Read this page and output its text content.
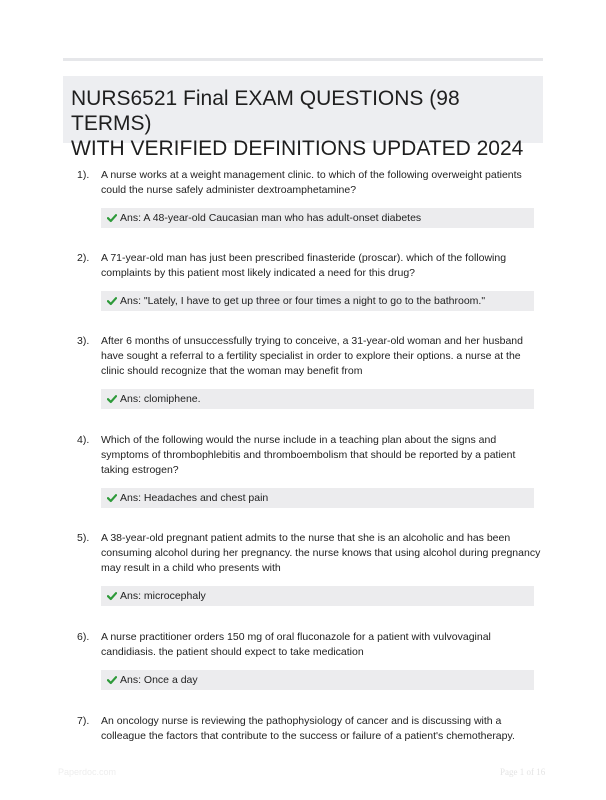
NURS6521 Final EXAM QUESTIONS (98 TERMS)
WITH VERIFIED DEFINITIONS UPDATED 2024
1). A nurse works at a weight management clinic. to which of the following overweight patients could the nurse safely administer dextroamphetamine?
Ans: A 48-year-old Caucasian man who has adult-onset diabetes
2). A 71-year-old man has just been prescribed finasteride (proscar). which of the following complaints by this patient most likely indicated a need for this drug?
Ans: "Lately, I have to get up three or four times a night to go to the bathroom."
3). After 6 months of unsuccessfully trying to conceive, a 31-year-old woman and her husband have sought a referral to a fertility specialist in order to explore their options. a nurse at the clinic should recognize that the woman may benefit from
Ans: clomiphene.
4). Which of the following would the nurse include in a teaching plan about the signs and symptoms of thrombophlebitis and thromboembolism that should be reported by a patient taking estrogen?
Ans: Headaches and chest pain
5). A 38-year-old pregnant patient admits to the nurse that she is an alcoholic and has been consuming alcohol during her pregnancy. the nurse knows that using alcohol during pregnancy may result in a child who presents with
Ans: microcephaly
6). A nurse practitioner orders 150 mg of oral fluconazole for a patient with vulvovaginal candidiasis. the patient should expect to take medication
Ans: Once a day
7). An oncology nurse is reviewing the pathophysiology of cancer and is discussing with a colleague the factors that contribute to the success or failure of a patient's chemotherapy.
Paperdoc.com	Page 1 of 16
